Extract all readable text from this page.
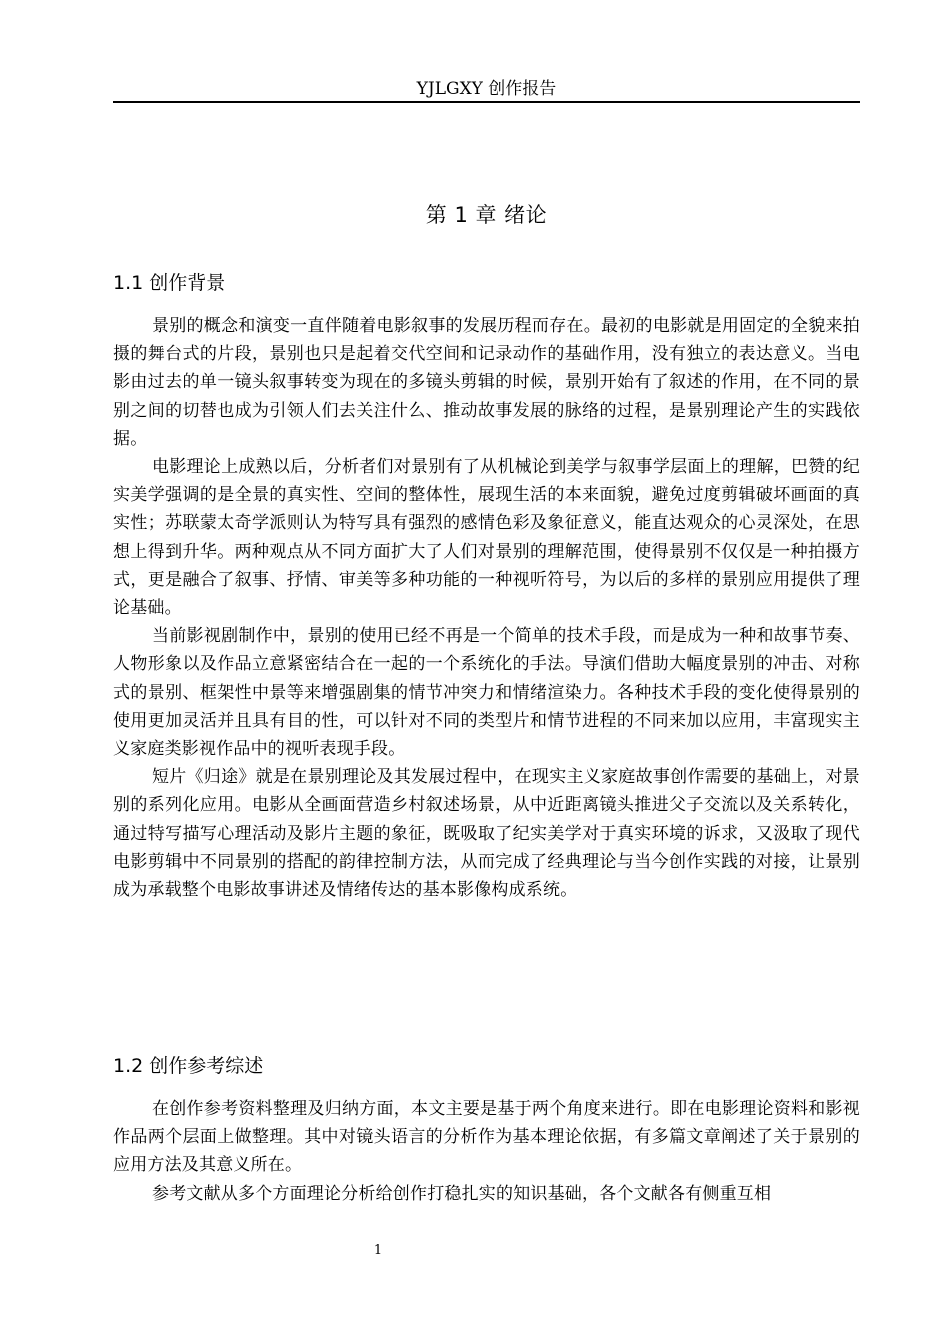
YJLGXY 创作报告
第 1 章 绪论
1.1 创作背景

景别的概念和演变一直伴随着电影叙事的发展历程而存在。最初的电影就是用固定的全貌来拍摄的舞台式的片段，景别也只是起着交代空间和记录动作的基础作用，没有独立的表达意义。当电影由过去的单一镜头叙事转变为现在的多镜头剪辑的时候，景别开始有了叙述的作用，在不同的景别之间的切替也成为引领人们去关注什么、推动故事发展的脉络的过程，是景别理论产生的实践依据。

电影理论上成熟以后，分析者们对景别有了从机械论到美学与叙事学层面上的理解，巴赞的纪实美学强调的是全景的真实性、空间的整体性，展现生活的本来面貌，避免过度剪辑破坏画面的真实性；苏联蒙太奇学派则认为特写具有强烈的感情色彩及象征意义，能直达观众的心灵深处，在思想上得到升华。两种观点从不同方面扩大了人们对景别的理解范围，使得景别不仅仅是一种拍摄方式，更是融合了叙事、抒情、审美等多种功能的一种视听符号，为以后的多样的景别应用提供了理论基础。

当前影视剧制作中，景别的使用已经不再是一个简单的技术手段，而是成为一种和故事节奏、人物形象以及作品立意紧密结合在一起的一个系统化的手法。导演们借助大幅度景别的冲击、对称式的景别、框架性中景等来增强剧集的情节冲突力和情绪渲染力。各种技术手段的变化使得景别的使用更加灵活并且具有目的性，可以针对不同的类型片和情节进程的不同来加以应用，丰富现实主义家庭类影视作品中的视听表现手段。

短片《归途》就是在景别理论及其发展过程中，在现实主义家庭故事创作需要的基础上，对景别的系列化应用。电影从全画面营造乡村叙述场景，从中近距离镜头推进父子交流以及关系转化，通过特写描写心理活动及影片主题的象征，既吸取了纪实美学对于真实环境的诉求，又汲取了现代电影剪辑中不同景别的搭配的韵律控制方法，从而完成了经典理论与当今创作实践的对接，让景别成为承载整个电影故事讲述及情绪传达的基本影像构成系统。

1.2 创作参考综述

在创作参考资料整理及归纳方面，本文主要是基于两个角度来进行。即在电影理论资料和影视作品两个层面上做整理。其中对镜头语言的分析作为基本理论依据，有多篇文章阐述了关于景别的应用方法及其意义所在。

参考文献从多个方面理论分析给创作打稳扎实的知识基础，各个文献各有侧重互相

1
